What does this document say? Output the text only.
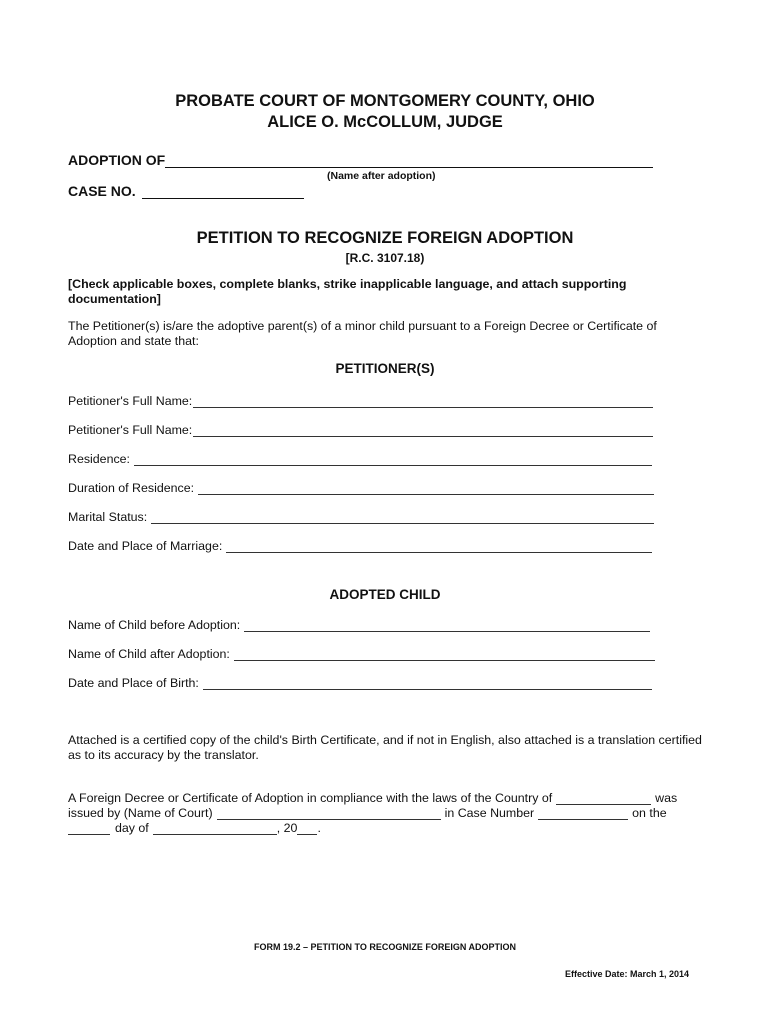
PROBATE COURT OF MONTGOMERY COUNTY, OHIO
ALICE O. McCOLLUM, JUDGE
ADOPTION OF
(Name after adoption)
CASE NO.
PETITION TO RECOGNIZE FOREIGN ADOPTION
[R.C. 3107.18)
[Check applicable boxes, complete blanks, strike inapplicable language, and attach supporting
documentation]
The Petitioner(s) is/are the adoptive parent(s) of a minor child pursuant to a Foreign Decree or Certificate of
Adoption and state that:
PETITIONER(S)
Petitioner's Full Name:
Petitioner's Full Name:
Residence:
Duration of Residence:
Marital Status:
Date and Place of Marriage:
ADOPTED CHILD
Name of Child before Adoption:
Name of Child after Adoption:
Date and Place of Birth:
Attached is a certified copy of the child's Birth Certificate, and if not in English, also attached is a translation certified
as to its accuracy by the translator.
A Foreign Decree or Certificate of Adoption in compliance with the laws of the Country of	was
issued by (Name of Court)	in Case Number	on the
day of	, 20 .
FORM 19.2 – PETITION TO RECOGNIZE FOREIGN ADOPTION
Effective Date: March 1, 2014
